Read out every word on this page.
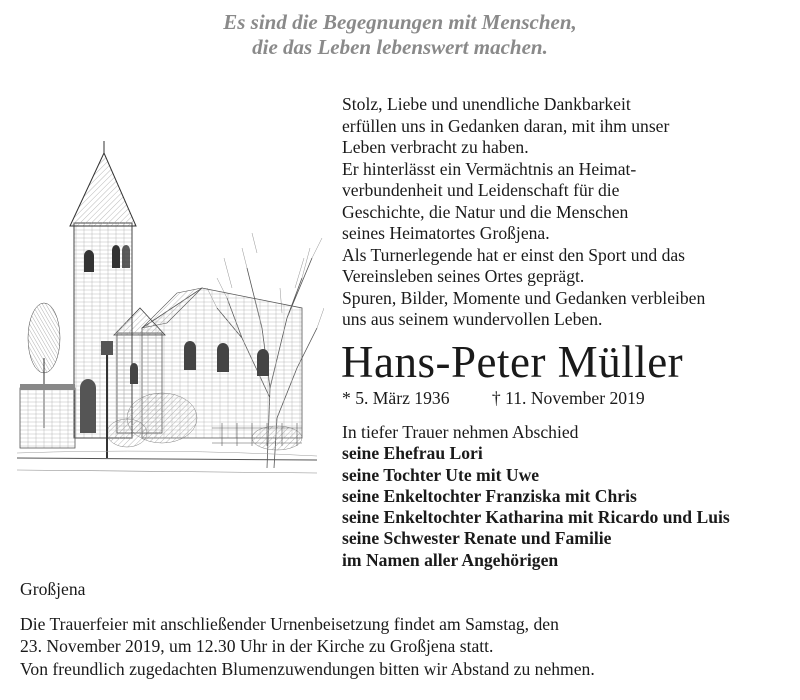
Es sind die Begegnungen mit Menschen,
die das Leben lebenswert machen.
Stolz, Liebe und unendliche Dankbarkeit
erfüllen uns in Gedanken daran, mit ihm unser
Leben verbracht zu haben.
Er hinterlässt ein Vermächtnis an Heimat-
verbundenheit und Leidenschaft für die
Geschichte, die Natur und die Menschen
seines Heimatortes Großjena.
Als Turnerlegende hat er einst den Sport und das
Vereinsleben seines Ortes geprägt.
Spuren, Bilder, Momente und Gedanken verbleiben
uns aus seinem wundervollen Leben.
Hans-Peter Müller
* 5. März 1936 † 11. November 2019
In tiefer Trauer nehmen Abschied
seine Ehefrau Lori
seine Tochter Ute mit Uwe
seine Enkeltochter Franziska mit Chris
seine Enkeltochter Katharina mit Ricardo und Luis
seine Schwester Renate und Familie
im Namen aller Angehörigen
Großjena
Die Trauerfeier mit anschließender Urnenbeisetzung findet am Samstag, den
23. November 2019, um 12.30 Uhr in der Kirche zu Großjena statt.
Von freundlich zugedachten Blumenzuwendungen bitten wir Abstand zu nehmen.
